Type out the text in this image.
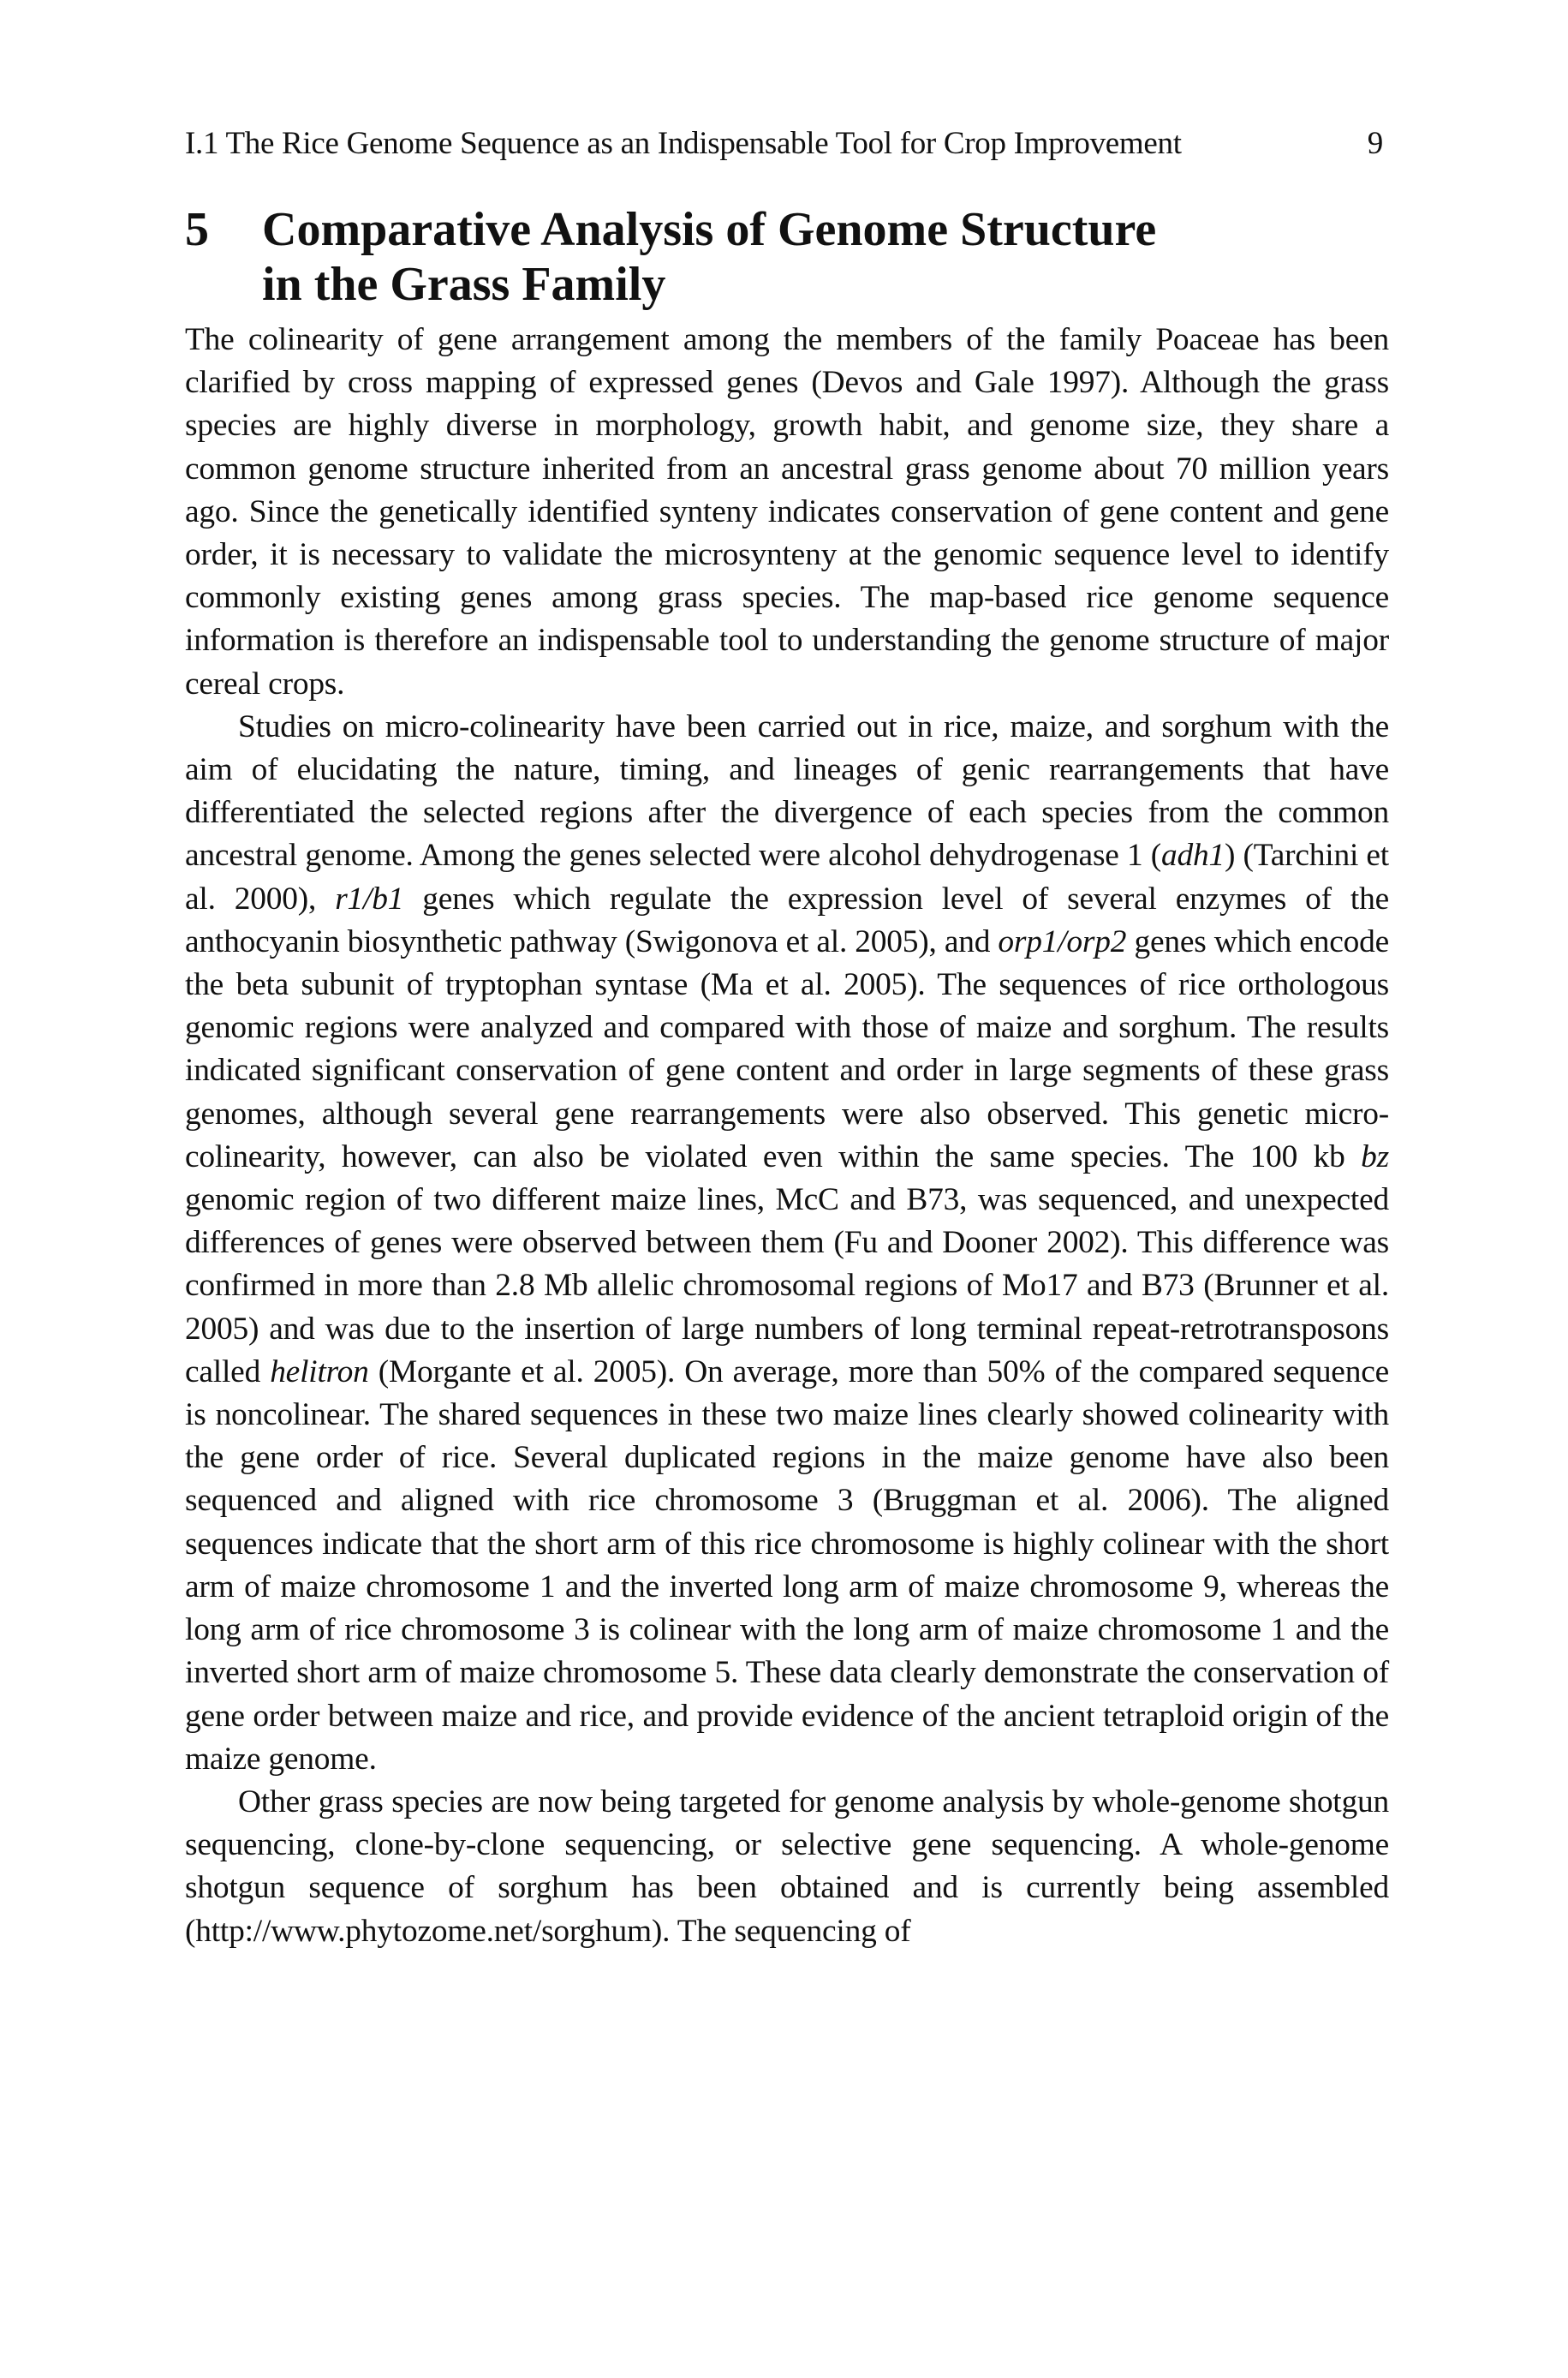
I.1 The Rice Genome Sequence as an Indispensable Tool for Crop Improvement	9
5	Comparative Analysis of Genome Structure
in the Grass Family

The colinearity of gene arrangement among the members of the family Poaceae has been clarified by cross mapping of expressed genes (Devos and Gale 1997). Although the grass species are highly diverse in morphology, growth habit, and genome size, they share a common genome structure inherited from an ancestral grass genome about 70 million years ago. Since the genetically identified synteny indicates conservation of gene content and gene order, it is necessary to validate the microsynteny at the genomic sequence level to identify commonly existing genes among grass species. The map-based rice genome sequence information is therefore an indispensable tool to understanding the genome structure of major cereal crops.

Studies on micro-colinearity have been carried out in rice, maize, and sorghum with the aim of elucidating the nature, timing, and lineages of genic rearrangements that have differentiated the selected regions after the divergence of each species from the common ancestral genome. Among the genes selected were alcohol dehydrogenase 1 (adh1) (Tarchini et al. 2000), r1/b1 genes which regulate the expression level of several enzymes of the anthocyanin biosynthetic pathway (Swigonova et al. 2005), and orp1/orp2 genes which encode the beta subunit of tryptophan syntase (Ma et al. 2005). The sequences of rice orthologous genomic regions were analyzed and compared with those of maize and sorghum. The results indicated significant conservation of gene content and order in large segments of these grass genomes, although several gene rearrangements were also observed. This genetic micro-colinearity, however, can also be violated even within the same species. The 100 kb bz genomic region of two different maize lines, McC and B73, was sequenced, and unexpected differences of genes were observed between them (Fu and Dooner 2002). This difference was confirmed in more than 2.8 Mb allelic chromosomal regions of Mo17 and B73 (Brunner et al. 2005) and was due to the insertion of large numbers of long terminal repeat-retrotransposons called helitron (Morgante et al. 2005). On average, more than 50% of the compared sequence is noncolinear. The shared sequences in these two maize lines clearly showed colinearity with the gene order of rice. Several duplicated regions in the maize genome have also been sequenced and aligned with rice chromosome 3 (Bruggman et al. 2006). The aligned sequences indicate that the short arm of this rice chromosome is highly colinear with the short arm of maize chromosome 1 and the inverted long arm of maize chromosome 9, whereas the long arm of rice chromosome 3 is colinear with the long arm of maize chromosome 1 and the inverted short arm of maize chromosome 5. These data clearly demonstrate the conservation of gene order between maize and rice, and provide evidence of the ancient tetraploid origin of the maize genome.

Other grass species are now being targeted for genome analysis by whole-genome shotgun sequencing, clone-by-clone sequencing, or selective gene sequencing. A whole-genome shotgun sequence of sorghum has been obtained and is currently being assembled (http://www.phytozome.net/sorghum). The sequencing of
